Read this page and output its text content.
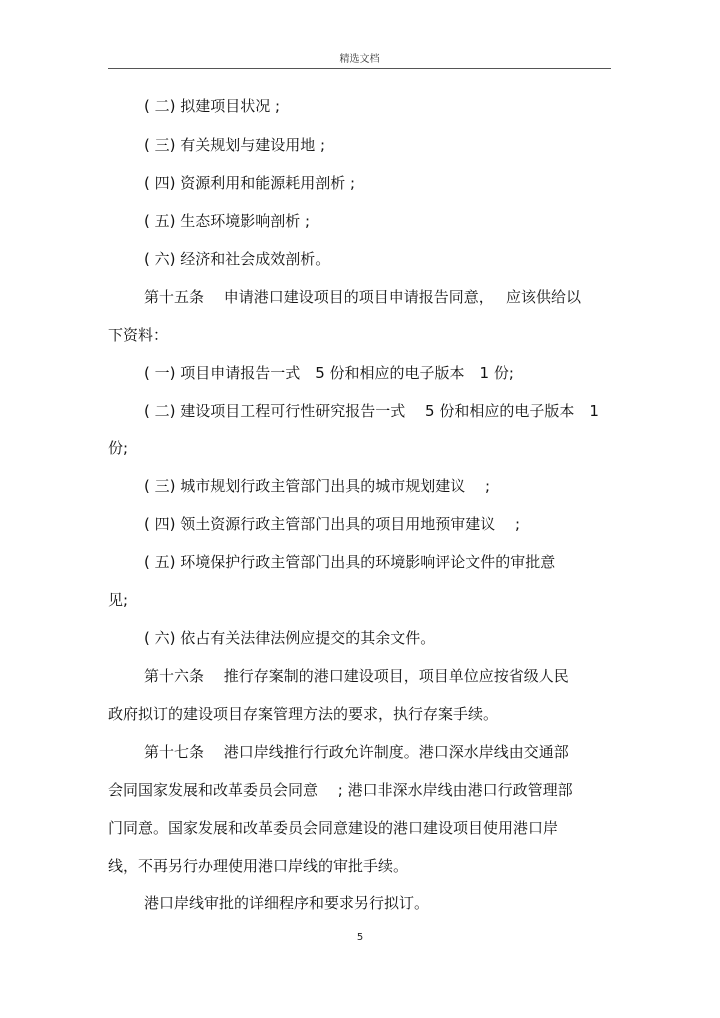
精选文档
( 二) 拟建项目状况 ;
( 三) 有关规划与建设用地 ;
( 四) 资源利用和能源耗用剖析 ;
( 五) 生态环境影响剖析 ;
( 六) 经济和社会成效剖析。
第十五条　 申请港口建设项目的项目申请报告同意，　 应该供给以
下资料：
( 一) 项目申请报告一式　5 份和相应的电子版本　1 份;
( 二) 建设项目工程可行性研究报告一式　 5 份和相应的电子版本　1
份;
( 三) 城市规划行政主管部门出具的城市规划建议　 ;
( 四) 领土资源行政主管部门出具的项目用地预审建议　 ;
( 五) 环境保护行政主管部门出具的环境影响评论文件的审批意
见;
( 六) 依占有关法律法例应提交的其余文件。
第十六条　 推行存案制的港口建设项目，项目单位应按省级人民
政府拟订的建设项目存案管理方法的要求，执行存案手续。
第十七条　 港口岸线推行行政允许制度。港口深水岸线由交通部
会同国家发展和改革委员会同意　 ; 港口非深水岸线由港口行政管理部
门同意。国家发展和改革委员会同意建设的港口建设项目使用港口岸
线，不再另行办理使用港口岸线的审批手续。
港口岸线审批的详细程序和要求另行拟订。
5
